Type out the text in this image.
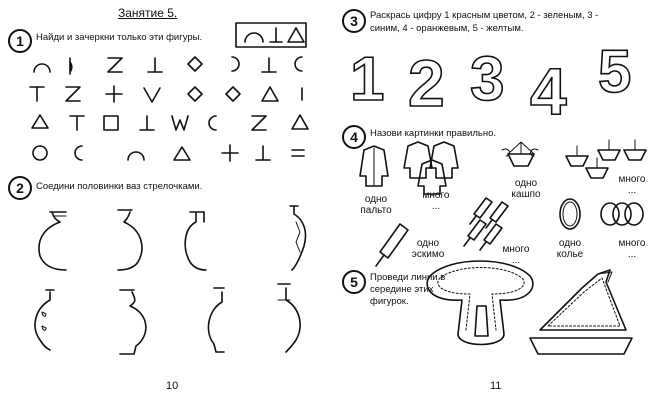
Занятие 5.
1	Найди и зачеркни только эти фигуры.
2	Соедини половинки ваз стрелочками.
10
3	Раскрась цифру 1 красным цветом, 2 - зеленым, 3 -
синим, 4 - оранжевым, 5 - желтым.
4	Назови картинки правильно.
5	Проведи линии в
середине этих
фигурок.
11
одно
пальто
много
...
одно
кашпо
много
...
одно
эскимо	много
...
одно
колье
много
...
1 2 3 4 5
